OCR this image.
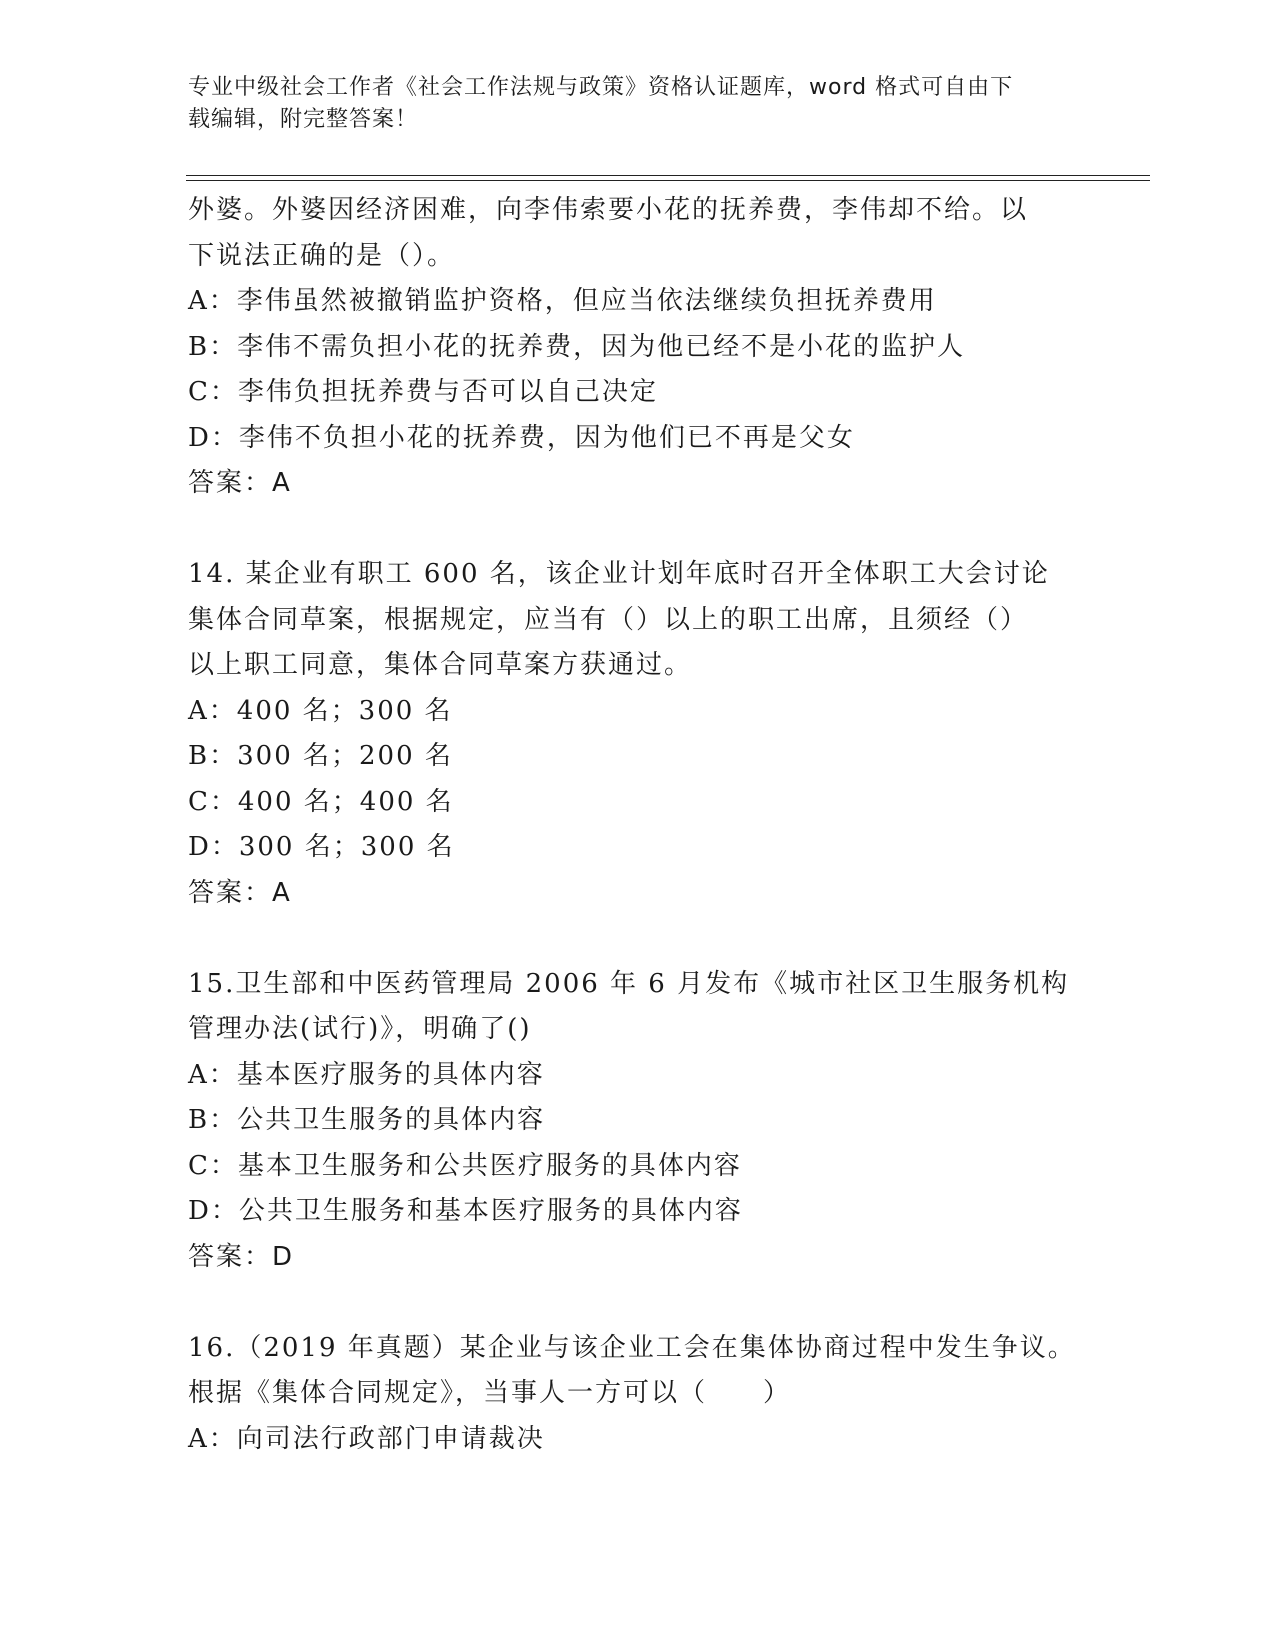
专业中级社会工作者《社会工作法规与政策》资格认证题库，word 格式可自由下
载编辑，附完整答案！
外婆。外婆因经济困难，向李伟索要小花的抚养费，李伟却不给。以
下说法正确的是（）。
A：李伟虽然被撤销监护资格，但应当依法继续负担抚养费用
B：李伟不需负担小花的抚养费，因为他已经不是小花的监护人
C：李伟负担抚养费与否可以自己决定
D：李伟不负担小花的抚养费，因为他们已不再是父女
答案：A
14. 某企业有职工 600 名，该企业计划年底时召开全体职工大会讨论
集体合同草案，根据规定，应当有（）以上的职工出席，且须经（）
以上职工同意，集体合同草案方获通过。
A：400 名；300 名
B：300 名；200 名
C：400 名；400 名
D：300 名；300 名
答案：A
15.卫生部和中医药管理局 2006 年 6 月发布《城市社区卫生服务机构
管理办法(试行)》，明确了()
A：基本医疗服务的具体内容
B：公共卫生服务的具体内容
C：基本卫生服务和公共医疗服务的具体内容
D：公共卫生服务和基本医疗服务的具体内容
答案：D
16.（2019 年真题）某企业与该企业工会在集体协商过程中发生争议。
根据《集体合同规定》，当事人一方可以（　　）
A：向司法行政部门申请裁决
